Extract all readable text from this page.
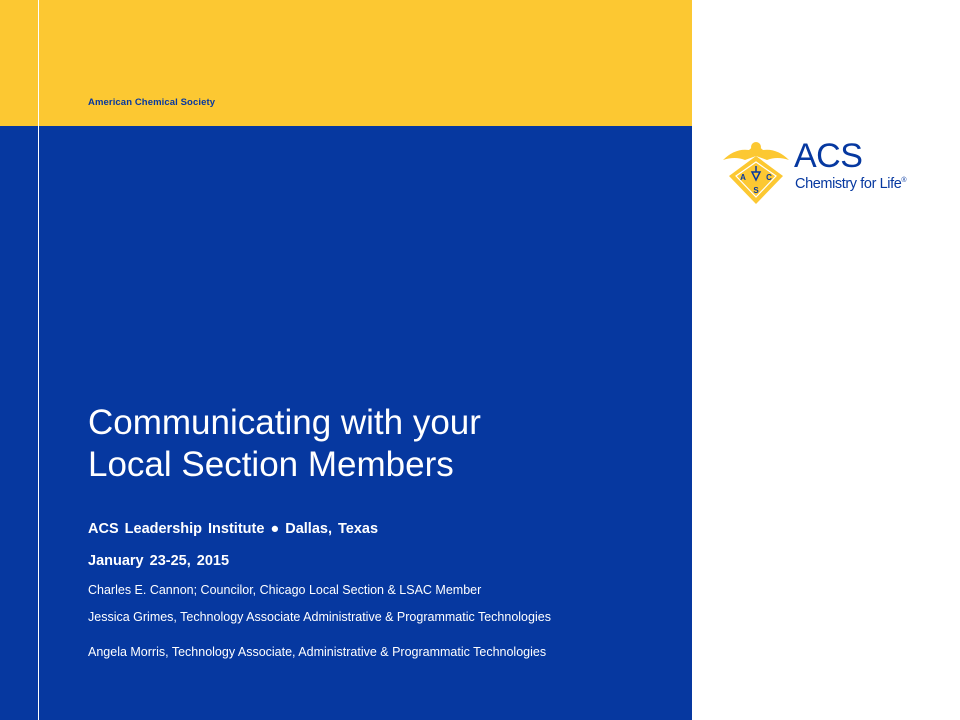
American Chemical Society
Communicating with your
Local Section Members
ACS Leadership Institute ● Dallas, Texas
January 23-25, 2015
Charles E. Cannon; Councilor, Chicago Local Section & LSAC Member
Jessica Grimes, Technology Associate Administrative & Programmatic Technologies
Angela Morris, Technology Associate, Administrative & Programmatic Technologies
A	C
S
ACS
Chemistry for Life®
